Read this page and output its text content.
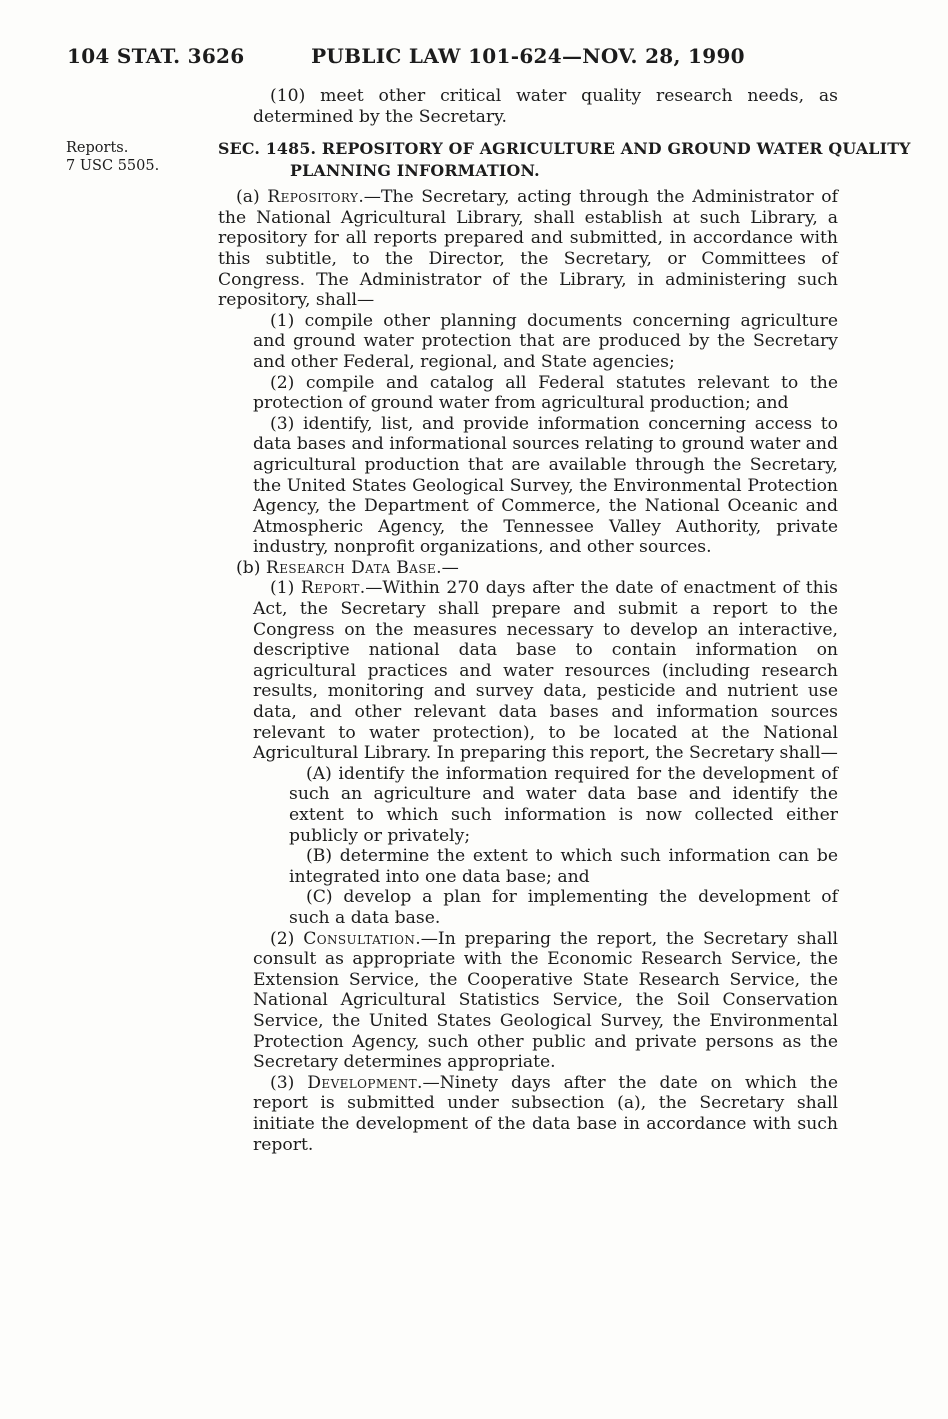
104 STAT. 3626	PUBLIC LAW 101-624—NOV. 28, 1990
Reports.
7 USC 5505.

(10) meet other critical water quality research needs, as determined by the Secretary.

SEC. 1485. REPOSITORY OF AGRICULTURE AND GROUND WATER QUALITY
PLANNING INFORMATION.

(a) Repository.—The Secretary, acting through the Administrator of the National Agricultural Library, shall establish at such Library, a repository for all reports prepared and submitted, in accordance with this subtitle, to the Director, the Secretary, or Committees of Congress. The Administrator of the Library, in administering such repository, shall—

(1) compile other planning documents concerning agriculture and ground water protection that are produced by the Secretary and other Federal, regional, and State agencies;

(2) compile and catalog all Federal statutes relevant to the protection of ground water from agricultural production; and

(3) identify, list, and provide information concerning access to data bases and informational sources relating to ground water and agricultural production that are available through the Secretary, the United States Geological Survey, the Environmental Protection Agency, the Department of Commerce, the National Oceanic and Atmospheric Agency, the Tennessee Valley Authority, private industry, nonprofit organizations, and other sources.

(b) Research Data Base.—

(1) Report.—Within 270 days after the date of enactment of this Act, the Secretary shall prepare and submit a report to the Congress on the measures necessary to develop an interactive, descriptive national data base to contain information on agricultural practices and water resources (including research results, monitoring and survey data, pesticide and nutrient use data, and other relevant data bases and information sources relevant to water protection), to be located at the National Agricultural Library. In preparing this report, the Secretary shall—

(A) identify the information required for the development of such an agriculture and water data base and identify the extent to which such information is now collected either publicly or privately;

(B) determine the extent to which such information can be integrated into one data base; and

(C) develop a plan for implementing the development of such a data base.

(2) Consultation.—In preparing the report, the Secretary shall consult as appropriate with the Economic Research Service, the Extension Service, the Cooperative State Research Service, the National Agricultural Statistics Service, the Soil Conservation Service, the United States Geological Survey, the Environmental Protection Agency, such other public and private persons as the Secretary determines appropriate.

(3) Development.—Ninety days after the date on which the report is submitted under subsection (a), the Secretary shall initiate the development of the data base in accordance with such report.
